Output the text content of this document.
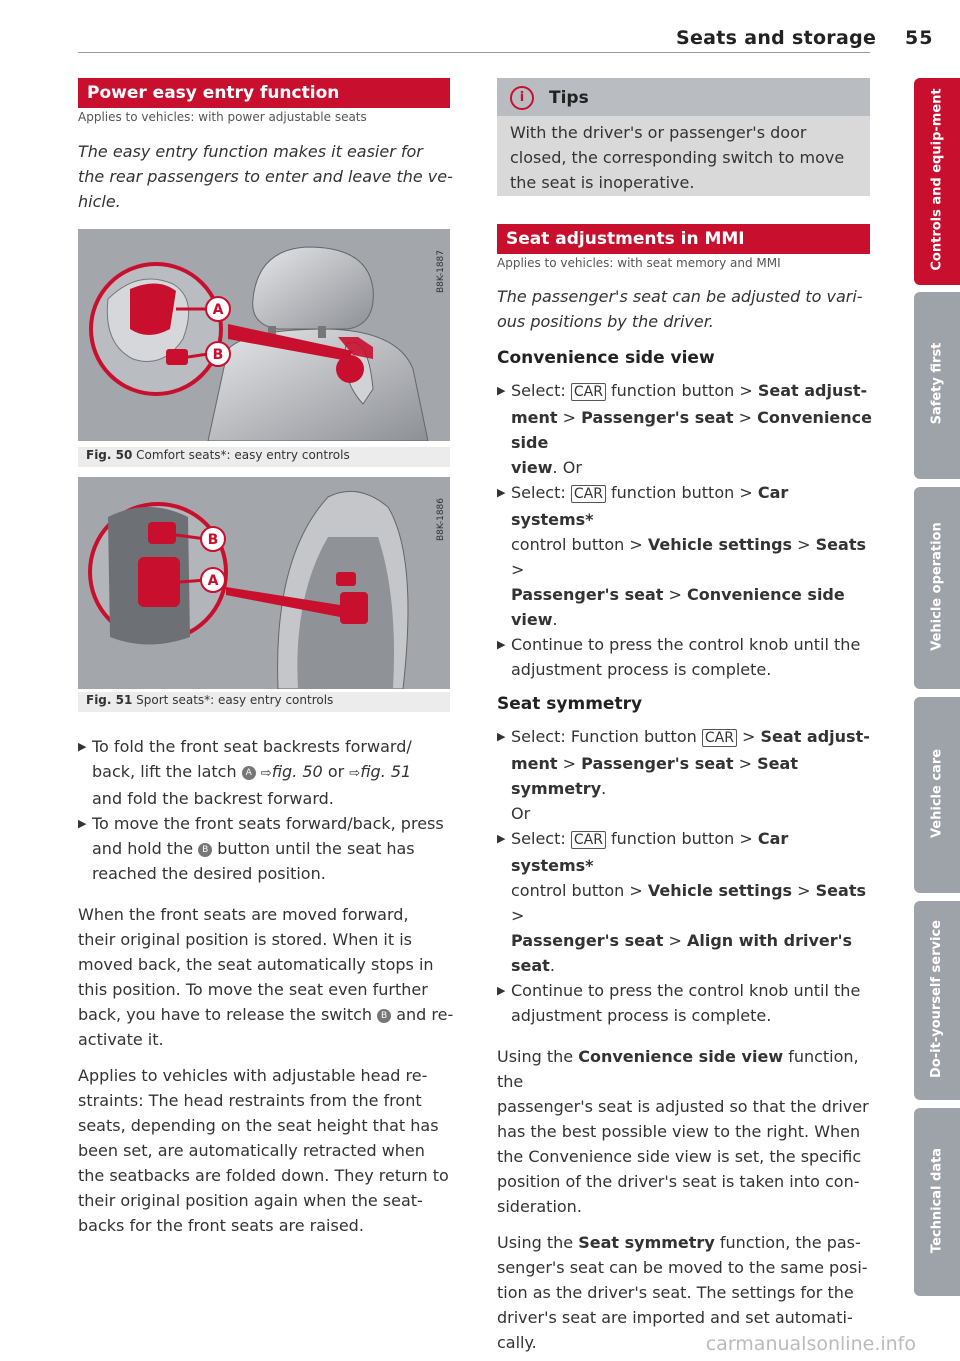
Seats and storage 55
Power easy entry function
Applies to vehicles: with power adjustable seats
The easy entry function makes it easier for
the rear passengers to enter and leave the ve-
hicle.
A
B
B8K-1887
Fig. 50 Comfort seats*: easy entry controls
B
A
B8K-1886
Fig. 51 Sport seats*: easy entry controls
▶ To fold the front seat backrests forward/
back, lift the latch A ⇨fig. 50 or ⇨fig. 51
and fold the backrest forward.
▶ To move the front seats forward/back, press
and hold the B button until the seat has
reached the desired position.

When the front seats are moved forward,
their original position is stored. When it is
moved back, the seat automatically stops in
this position. To move the seat even further
back, you have to release the switch B and re-
activate it.

Applies to vehicles with adjustable head re-
straints: The head restraints from the front
seats, depending on the seat height that has
been set, are automatically retracted when
the seatbacks are folded down. They return to
their original position again when the seat-
backs for the front seats are raised.

i	Tips
With the driver's or passenger's door
closed, the corresponding switch to move
the seat is inoperative.
Seat adjustments in MMI
Applies to vehicles: with seat memory and MMI
The passenger's seat can be adjusted to vari-
ous positions by the driver.
Convenience side view
▶ Select: CAR function button > Seat adjust-
ment > Passenger's seat > Convenience side
view. Or
▶ Select: CAR function button > Car systems*
control button > Vehicle settings > Seats >
Passenger's seat > Convenience side view.
▶ Continue to press the control knob until the
adjustment process is complete.
Seat symmetry
▶ Select: Function button CAR > Seat adjust-
ment > Passenger's seat > Seat symmetry.
Or
▶ Select: CAR function button > Car systems*
control button > Vehicle settings > Seats >
Passenger's seat > Align with driver's seat.
▶ Continue to press the control knob until the
adjustment process is complete.

Using the Convenience side view function, the
passenger's seat is adjusted so that the driver
has the best possible view to the right. When
the Convenience side view is set, the specific
position of the driver's seat is taken into con-
sideration.

Using the Seat symmetry function, the pas-
senger's seat can be moved to the same posi-
tion as the driver's seat. The settings for the
driver's seat are imported and set automati-
cally.

Controls and equip-ment
Safety first
Vehicle operation
Vehicle care
Do-it-yourself service
Technical data
carmanualsonline.info
